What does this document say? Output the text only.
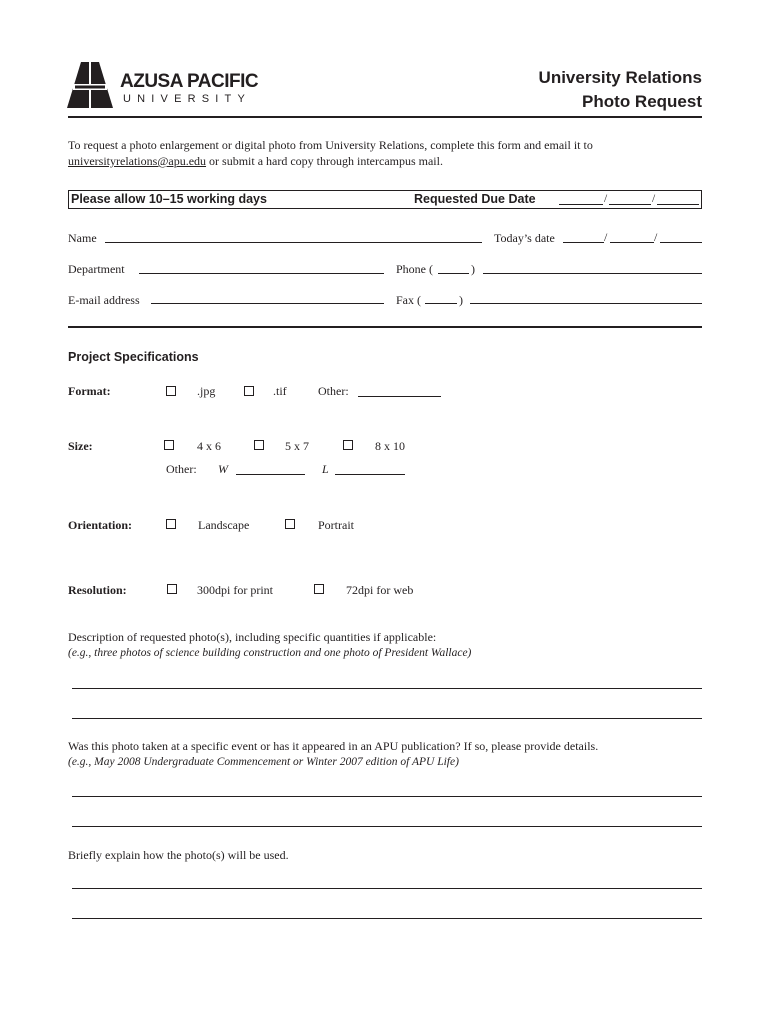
AZUSA PACIFIC
UNIVERSITY
University Relations
Photo Request
To request a photo enlargement or digital photo from University Relations, complete this form and email it to
universityrelations@apu.edu or submit a hard copy through intercampus mail.
Please allow 10–15 working days	Requested Due Date	/	/
Name	Today’s date	/	/
Department	Phone (	)
E-mail address	Fax (	)
Project Specifications
Format:	.jpg	.tif	Other:
Size:	4 x 6	5 x 7	8 x 10
Other: W	L
Orientation:	Landscape	Portrait
Resolution:	300dpi for print	72dpi for web
Description of requested photo(s), including specific quantities if applicable:
(e.g., three photos of science building construction and one photo of President Wallace)
Was this photo taken at a specific event or has it appeared in an APU publication? If so, please provide details.
(e.g., May 2008 Undergraduate Commencement or Winter 2007 edition of APU Life)
Briefly explain how the photo(s) will be used.
